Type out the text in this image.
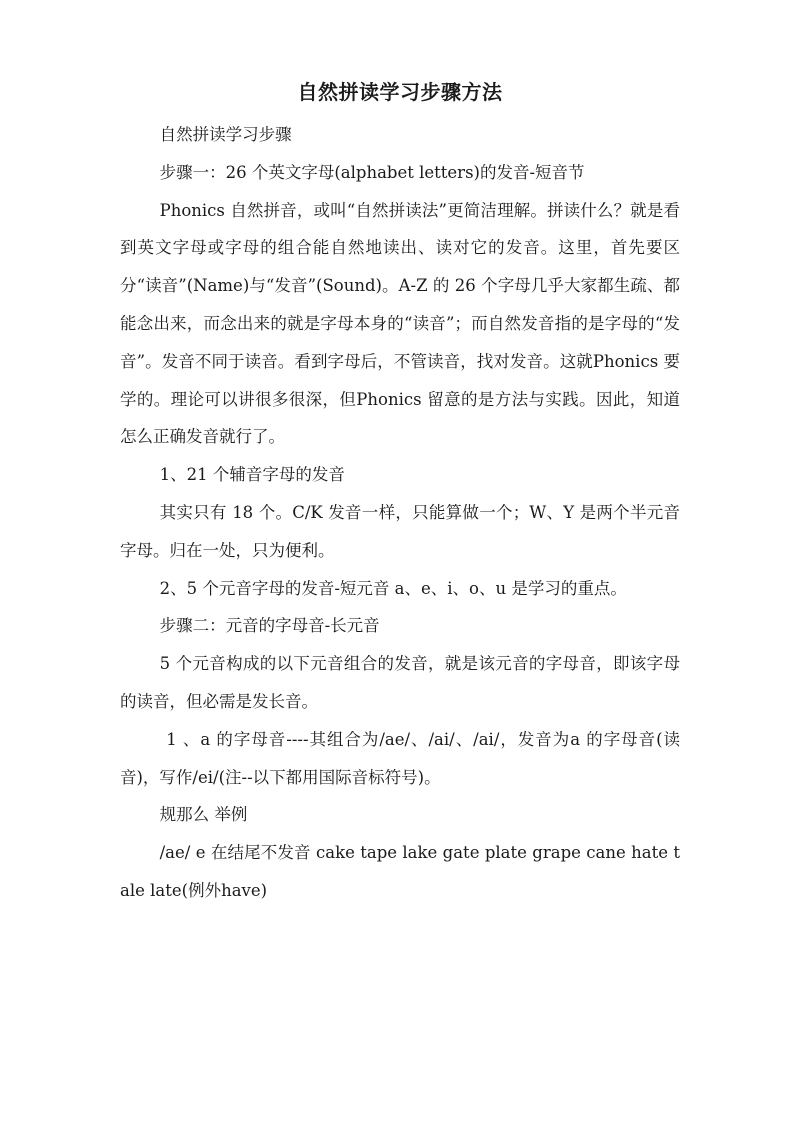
自然拼读学习步骤方法

自然拼读学习步骤

步骤一：26 个英文字母(alphabet letters)的发音-短音节

Phonics 自然拼音，或叫“自然拼读法”更简洁理解。拼读什么？就是看到英文字母或字母的组合能自然地读出、读对它的发音。这里，首先要区分“读音”(Name)与“发音”(Sound)。A-Z 的 26 个字母几乎大家都生疏、都能念出来，而念出来的就是字母本身的“读音”；而自然发音指的是字母的“发音”。发音不同于读音。看到字母后，不管读音，找对发音。这就Phonics 要学的。理论可以讲很多很深，但Phonics 留意的是方法与实践。因此，知道怎么正确发音就行了。

1、21 个辅音字母的发音

其实只有 18 个。C/K 发音一样，只能算做一个；W、Y 是两个半元音字母。归在一处，只为便利。

2、5 个元音字母的发音-短元音 a、e、i、o、u 是学习的重点。

步骤二：元音的字母音-长元音

5 个元音构成的以下元音组合的发音，就是该元音的字母音，即该字母的读音，但必需是发长音。

1 、a 的字母音----其组合为/ae/、/ai/、/ai/，发音为a 的字母音(读音)，写作/ei/(注--以下都用国际音标符号)。

规那么 举例

/ae/ e 在结尾不发音 cake tape lake gate plate grape cane hate tale late(例外have)
